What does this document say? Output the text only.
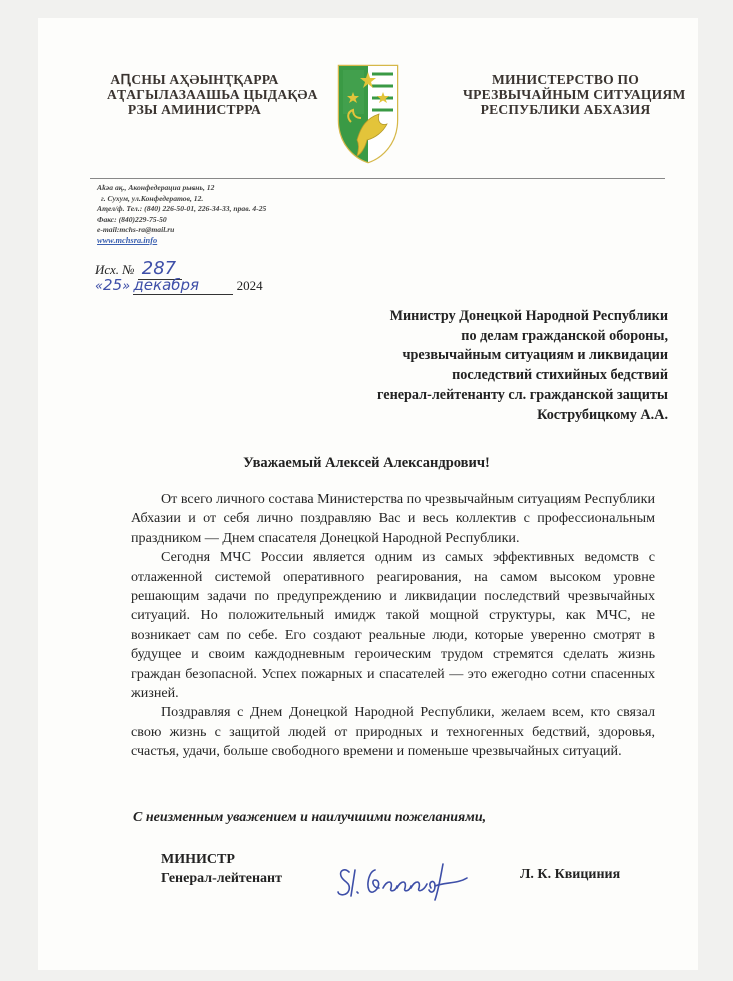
АԤСНЫ АҲӘЫНҬҚАРРА
АҬАГЫЛАЗААШЬА ЦЫДАҚӘА
РЗЫ АМИНИСТРРА
МИНИСТЕРСТВО ПО
ЧРЕЗВЫЧАЙНЫМ СИТУАЦИЯМ
РЕСПУБЛИКИ АБХАЗИЯ
Аҟәа ақ., Аконфедерациа рыҩнь, 12
г. Сухум, ул.Конфедератов, 12.
Аҭел/ф. Тел.: (840) 226-50-01, 226-34-33, прав. 4-25
Факс: (840)229-75-50
e-mail:mchs-ra@mail.ru
www.mchsra.info
Исх. № 287
«25» декабря	2024
Министру Донецкой Народной Республики
по делам гражданской обороны,
чрезвычайным ситуациям и ликвидации
последствий стихийных бедствий
генерал-лейтенанту сл. гражданской защиты
Кострубицкому А.А.
Уважаемый Алексей Александрович!

От всего личного состава Министерства по чрезвычайным ситуациям Республики Абхазии и от себя лично поздравляю Вас и весь коллектив с профессиональным праздником — Днем спасателя Донецкой Народной Республики.

Сегодня МЧС России является одним из самых эффективных ведомств с отлаженной системой оперативного реагирования, на самом высоком уровне решающим задачи по предупреждению и ликвидации последствий чрезвычайных ситуаций. Но положительный имидж такой мощной структуры, как МЧС, не возникает сам по себе. Его создают реальные люди, которые уверенно смотрят в будущее и своим каждодневным героическим трудом стремятся сделать жизнь граждан безопасной. Успех пожарных и спасателей — это ежегодно сотни спасенных жизней.

Поздравляя с Днем Донецкой Народной Республики, желаем всем, кто связал свою жизнь с защитой людей от природных и техногенных бедствий, здоровья, счастья, удачи, больше свободного времени и поменьше чрезвычайных ситуаций.

С неизменным уважением и наилучшими пожеланиями,
МИНИСТР
Генерал-лейтенант	Л. К. Квициния
